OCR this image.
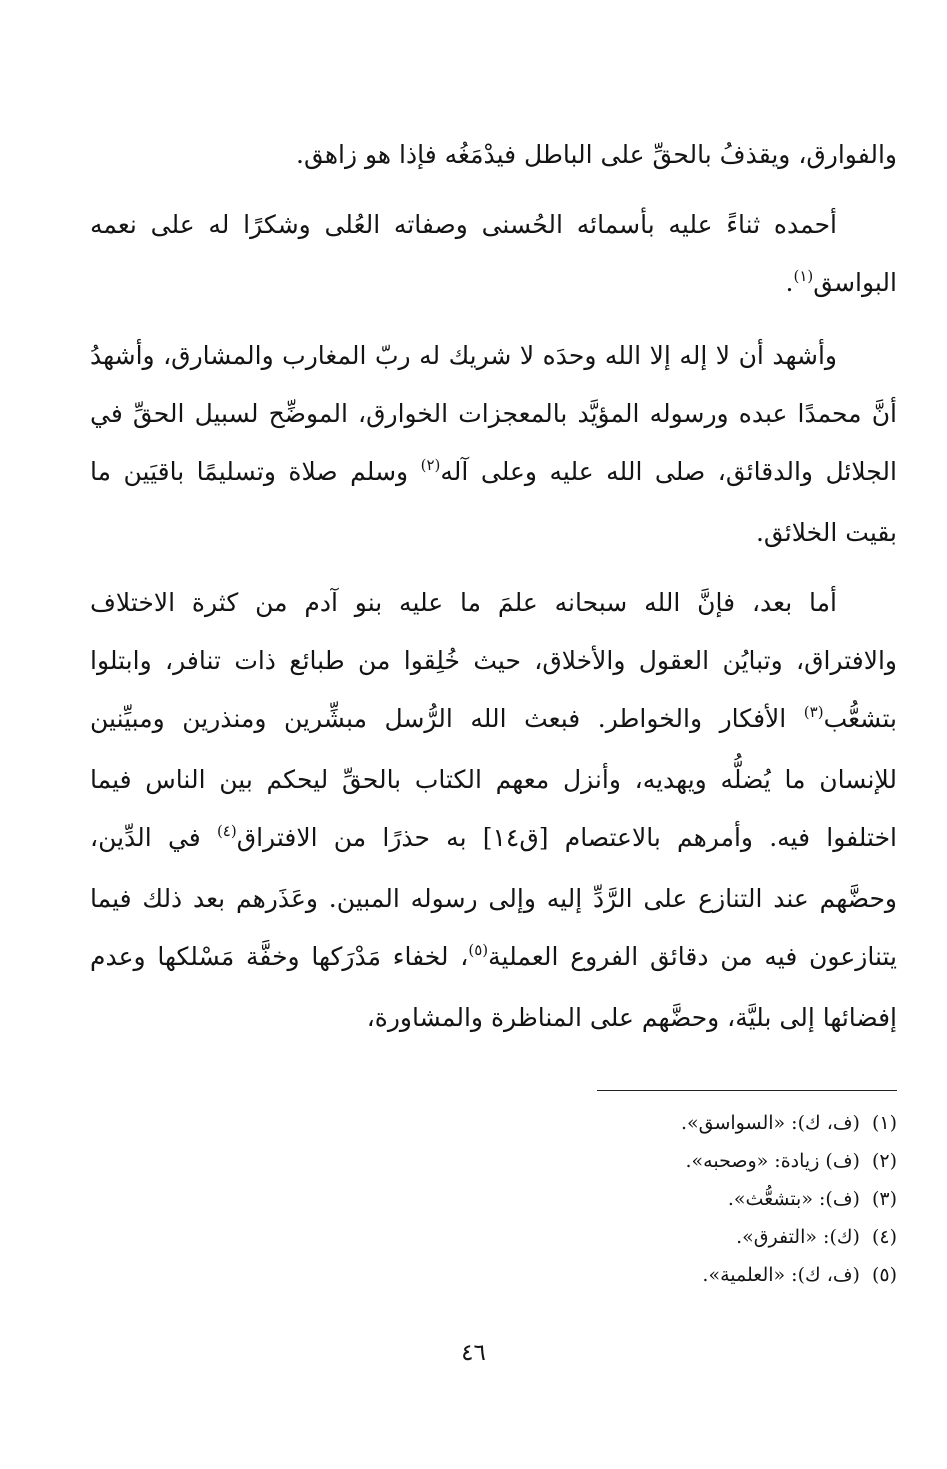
والفوارق، ويقذفُ بالحقِّ على الباطل فيدْمَغُه فإذا هو زاهق.

أحمده ثناءً عليه بأسمائه الحُسنى وصفاته العُلى وشكرًا له على نعمه البواسق$^{(١)}$.

وأشهد أن لا إله إلا الله وحدَه لا شريك له ربّ المغارب والمشارق، وأشهدُ أنَّ محمدًا عبده ورسوله المؤيَّد بالمعجزات الخوارق، الموضِّح لسبيل الحقِّ في الجلائل والدقائق، صلى الله عليه وعلى آله$^{(٢)}$ وسلم صلاة وتسليمًا باقيَين ما بقيت الخلائق.

أما بعد، فإنَّ الله سبحانه علمَ ما عليه بنو آدم من كثرة الاختلاف والافتراق، وتبايُن العقول والأخلاق، حيث خُلِقوا من طبائع ذات تنافر، وابتلوا بتشعُّب$^{(٣)}$ الأفكار والخواطر. فبعث الله الرُّسل مبشِّرين ومنذرين ومبيِّنين للإنسان ما يُضلُّه ويهديه، وأنزل معهم الكتاب بالحقِّ ليحكم بين الناس فيما اختلفوا فيه. وأمرهم بالاعتصام [ق١٤] به حذرًا من الافتراق$^{(٤)}$ في الدِّين، وحضَّهم عند التنازع على الرَّدِّ إليه وإلى رسوله المبين. وعَذَرهم بعد ذلك فيما يتنازعون فيه من دقائق الفروع العملية$^{(٥)}$، لخفاء مَدْرَكها وخفَّة مَسْلكها وعدم إفضائها إلى بليَّة، وحضَّهم على المناظرة والمشاورة،

(١)(ف، ك): «السواسق».
(٢)(ف) زيادة: «وصحبه».
(٣)(ف): «بتشعُّث».
(٤)(ك): «التفرق».
(٥)(ف، ك): «العلمية».
٤٦
